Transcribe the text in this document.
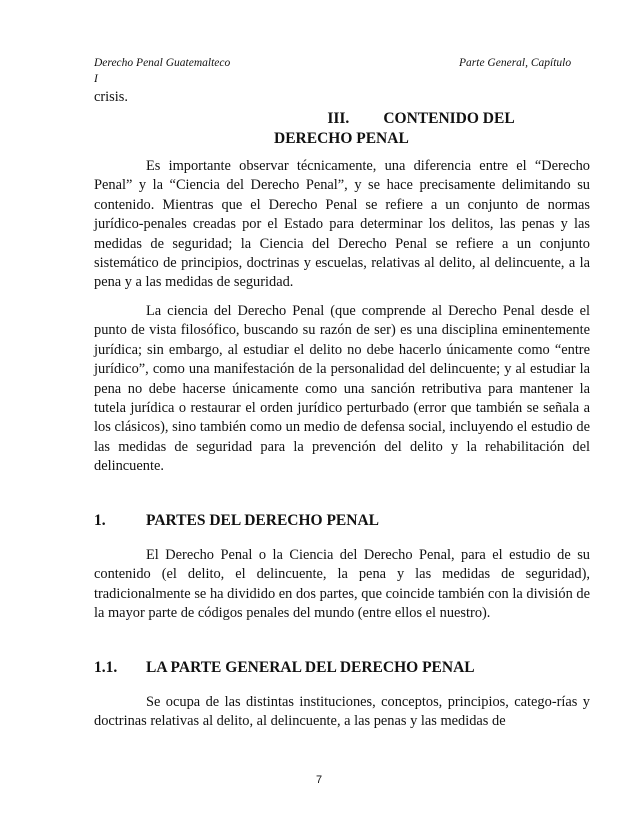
Derecho Penal Guatemalteco
I
Parte General, Capítulo
crisis.
III. CONTENIDO DEL
DERECHO PENAL

Es importante observar técnicamente, una diferencia entre el “Derecho Penal” y la “Ciencia del Derecho Penal”, y se hace precisamente delimitando su contenido. Mientras que el Derecho Penal se refiere a un conjunto de normas jurídico-penales creadas por el Estado para determinar los delitos, las penas y las medidas de seguridad; la Ciencia del Derecho Penal se refiere a un conjunto sistemático de principios, doctrinas y escuelas, relativas al delito, al delincuente, a la pena y a las medidas de seguridad.

La ciencia del Derecho Penal (que comprende al Derecho Penal desde el punto de vista filosófico, buscando su razón de ser) es una disciplina eminentemente jurídica; sin embargo, al estudiar el delito no debe hacerlo únicamente como “entre jurídico”, como una manifestación de la personalidad del delincuente; y al estudiar la pena no debe hacerse únicamente como una sanción retributiva para mantener la tutela jurídica o restaurar el orden jurídico perturbado (error que también se señala a los clásicos), sino también como un medio de defensa social, incluyendo el estudio de las medidas de seguridad para la prevención del delito y la rehabilitación del delincuente.

1.	PARTES DEL DERECHO PENAL

El Derecho Penal o la Ciencia del Derecho Penal, para el estudio de su contenido (el delito, el delincuente, la pena y las medidas de seguridad), tradicionalmente se ha dividido en dos partes, que coincide también con la división de la mayor parte de códigos penales del mundo (entre ellos el nuestro).

1.1. LA PARTE GENERAL DEL DERECHO PENAL

Se ocupa de las distintas instituciones, conceptos, principios, catego-rías y doctrinas relativas al delito, al delincuente, a las penas y las medidas de

7
